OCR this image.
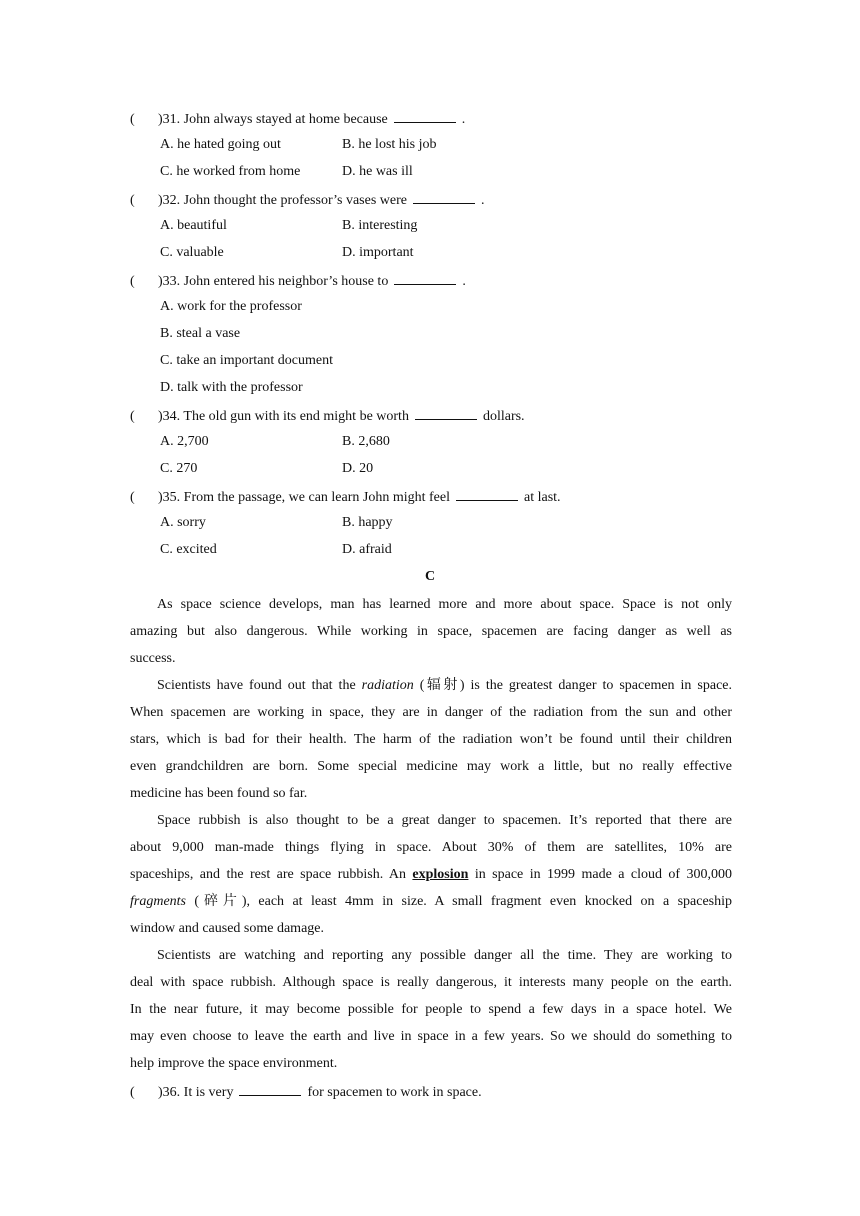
( )31. John always stayed at home because	.
A. he hated going out	B. he lost his job
C. he worked from home	D. he was ill
( )32. John thought the professor’s vases were	.
A. beautiful	B. interesting
C. valuable	D. important
( )33. John entered his neighbor’s house to	.
A. work for the professor
B. steal a vase
C. take an important document
D. talk with the professor
( )34. The old gun with its end might be worth	dollars.
A. 2,700	B. 2,680
C. 270	D. 20
( )35. From the passage, we can learn John might feel	at last.
A. sorry	B. happy
C. excited	D. afraid
C
As space science develops, man has learned more and more about space. Space is not only
amazing but also dangerous. While working in space, spacemen are facing danger as well as
success.
Scientists have found out that the radiation (辐射) is the greatest danger to spacemen in space.
When spacemen are working in space, they are in danger of the radiation from the sun and other
stars, which is bad for their health. The harm of the radiation won’t be found until their children
even grandchildren are born. Some special medicine may work a little, but no really effective
medicine has been found so far.
Space rubbish is also thought to be a great danger to spacemen. It’s reported that there are
about 9,000 man-made things flying in space. About 30% of them are satellites, 10% are
spaceships, and the rest are space rubbish. An explosion in space in 1999 made a cloud of 300,000
fragments (碎片), each at least 4mm in size. A small fragment even knocked on a spaceship
window and caused some damage.
Scientists are watching and reporting any possible danger all the time. They are working to
deal with space rubbish. Although space is really dangerous, it interests many people on the earth.
In the near future, it may become possible for people to spend a few days in a space hotel. We
may even choose to leave the earth and live in space in a few years. So we should do something to
help improve the space environment.
( )36. It is very	for spacemen to work in space.
